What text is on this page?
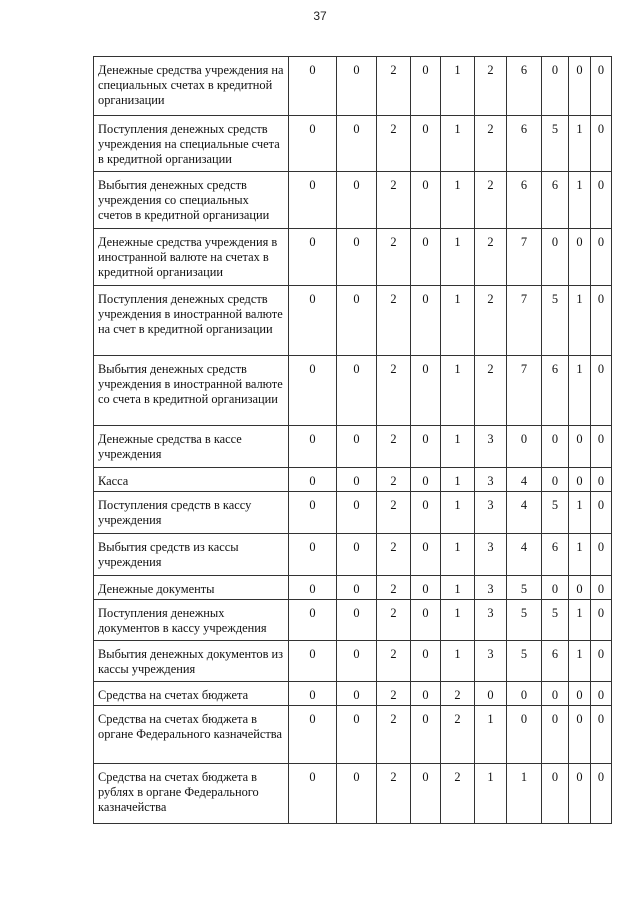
37
Денежные средства учреждения на специальных счетах в кредитной организации	0	0	2	0	1	2	6	0	0	0
Поступления денежных средств учреждения на специальные счета в кредитной организации	0	0	2	0	1	2	6	5	1	0
Выбытия денежных средств учреждения со специальных счетов в кредитной организации	0	0	2	0	1	2	6	6	1	0
Денежные средства учреждения в иностранной валюте на счетах в кредитной организации	0	0	2	0	1	2	7	0	0	0
Поступления денежных средств учреждения в иностранной валюте на счет в кредитной организации	0	0	2	0	1	2	7	5	1	0
Выбытия денежных средств учреждения в иностранной валюте со счета в кредитной организации	0	0	2	0	1	2	7	6	1	0
Денежные средства в кассе учреждения	0	0	2	0	1	3	0	0	0	0
Касса	0	0	2	0	1	3	4	0	0	0
Поступления средств в кассу учреждения	0	0	2	0	1	3	4	5	1	0
Выбытия средств из кассы учреждения	0	0	2	0	1	3	4	6	1	0
Денежные документы	0	0	2	0	1	3	5	0	0	0
Поступления денежных документов в кассу учреждения	0	0	2	0	1	3	5	5	1	0
Выбытия денежных документов из кассы учреждения	0	0	2	0	1	3	5	6	1	0
Средства на счетах бюджета	0	0	2	0	2	0	0	0	0	0
Средства на счетах бюджета в органе Федерального казначейства	0	0	2	0	2	1	0	0	0	0
Средства на счетах бюджета в рублях в органе Федерального казначейства	0	0	2	0	2	1	1	0	0	0
